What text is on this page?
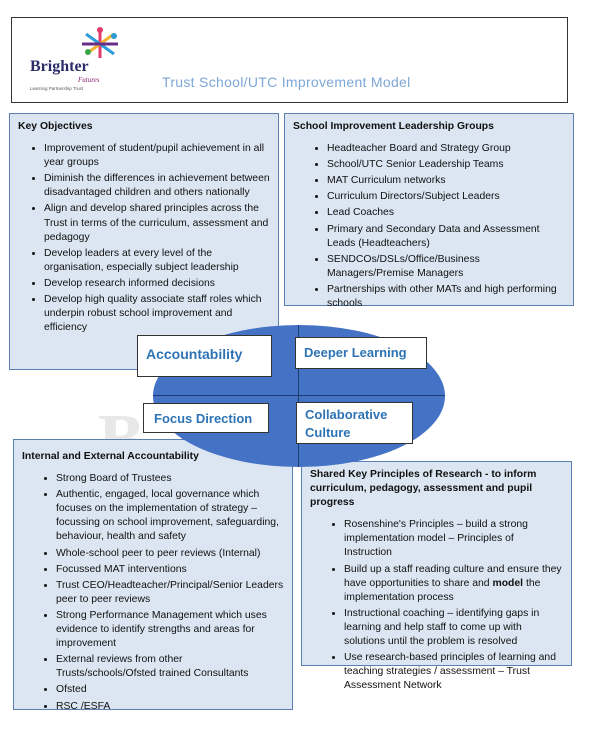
Brighter
Futures
Learning Partnership Trust	Trust School/UTC Improvement Model
Key Objectives
• Improvement of student/pupil achievement in all year groups
• Diminish the differences in achievement between disadvantaged children and others nationally
• Align and develop shared principles across the Trust in terms of the curriculum, assessment and pedagogy
• Develop leaders at every level of the organisation, especially subject leadership
• Develop research informed decisions
• Develop high quality associate staff roles which underpin robust school improvement and efficiency
School Improvement Leadership Groups
• Headteacher Board and Strategy Group
• School/UTC Senior Leadership Teams
• MAT Curriculum networks
• Curriculum Directors/Subject Leaders
• Lead Coaches
• Primary and Secondary Data and Assessment Leads (Headteachers)
• SENDCOs/DSLs/Office/Business Managers/Premise Managers
• Partnerships with other MATs and high performing schools
Internal and External Accountability
• Strong Board of Trustees
• Authentic, engaged, local governance which focuses on the implementation of strategy – focussing on school improvement, safeguarding, behaviour, health and safety
• Whole-school peer to peer reviews (Internal)
• Focussed MAT interventions
• Trust CEO/Headteacher/Principal/Senior Leaders peer to peer reviews
• Strong Performance Management which uses evidence to identify strengths and areas for improvement
• External reviews from other Trusts/schools/Ofsted trained Consultants
• Ofsted
• RSC /ESFA
Shared Key Principles of Research - to inform curriculum, pedagogy, assessment and pupil progress
• Rosenshine's Principles – build a strong implementation model – Principles of Instruction
• Build up a staff reading culture and ensure they have opportunities to share and model the implementation process
• Instructional coaching – identifying gaps in learning and help staff to come up with solutions until the problem is resolved
• Use research-based principles of learning and teaching strategies / assessment – Trust Assessment Network
Accountability	Deeper Learning
Focus Direction	Collaborative
Culture
